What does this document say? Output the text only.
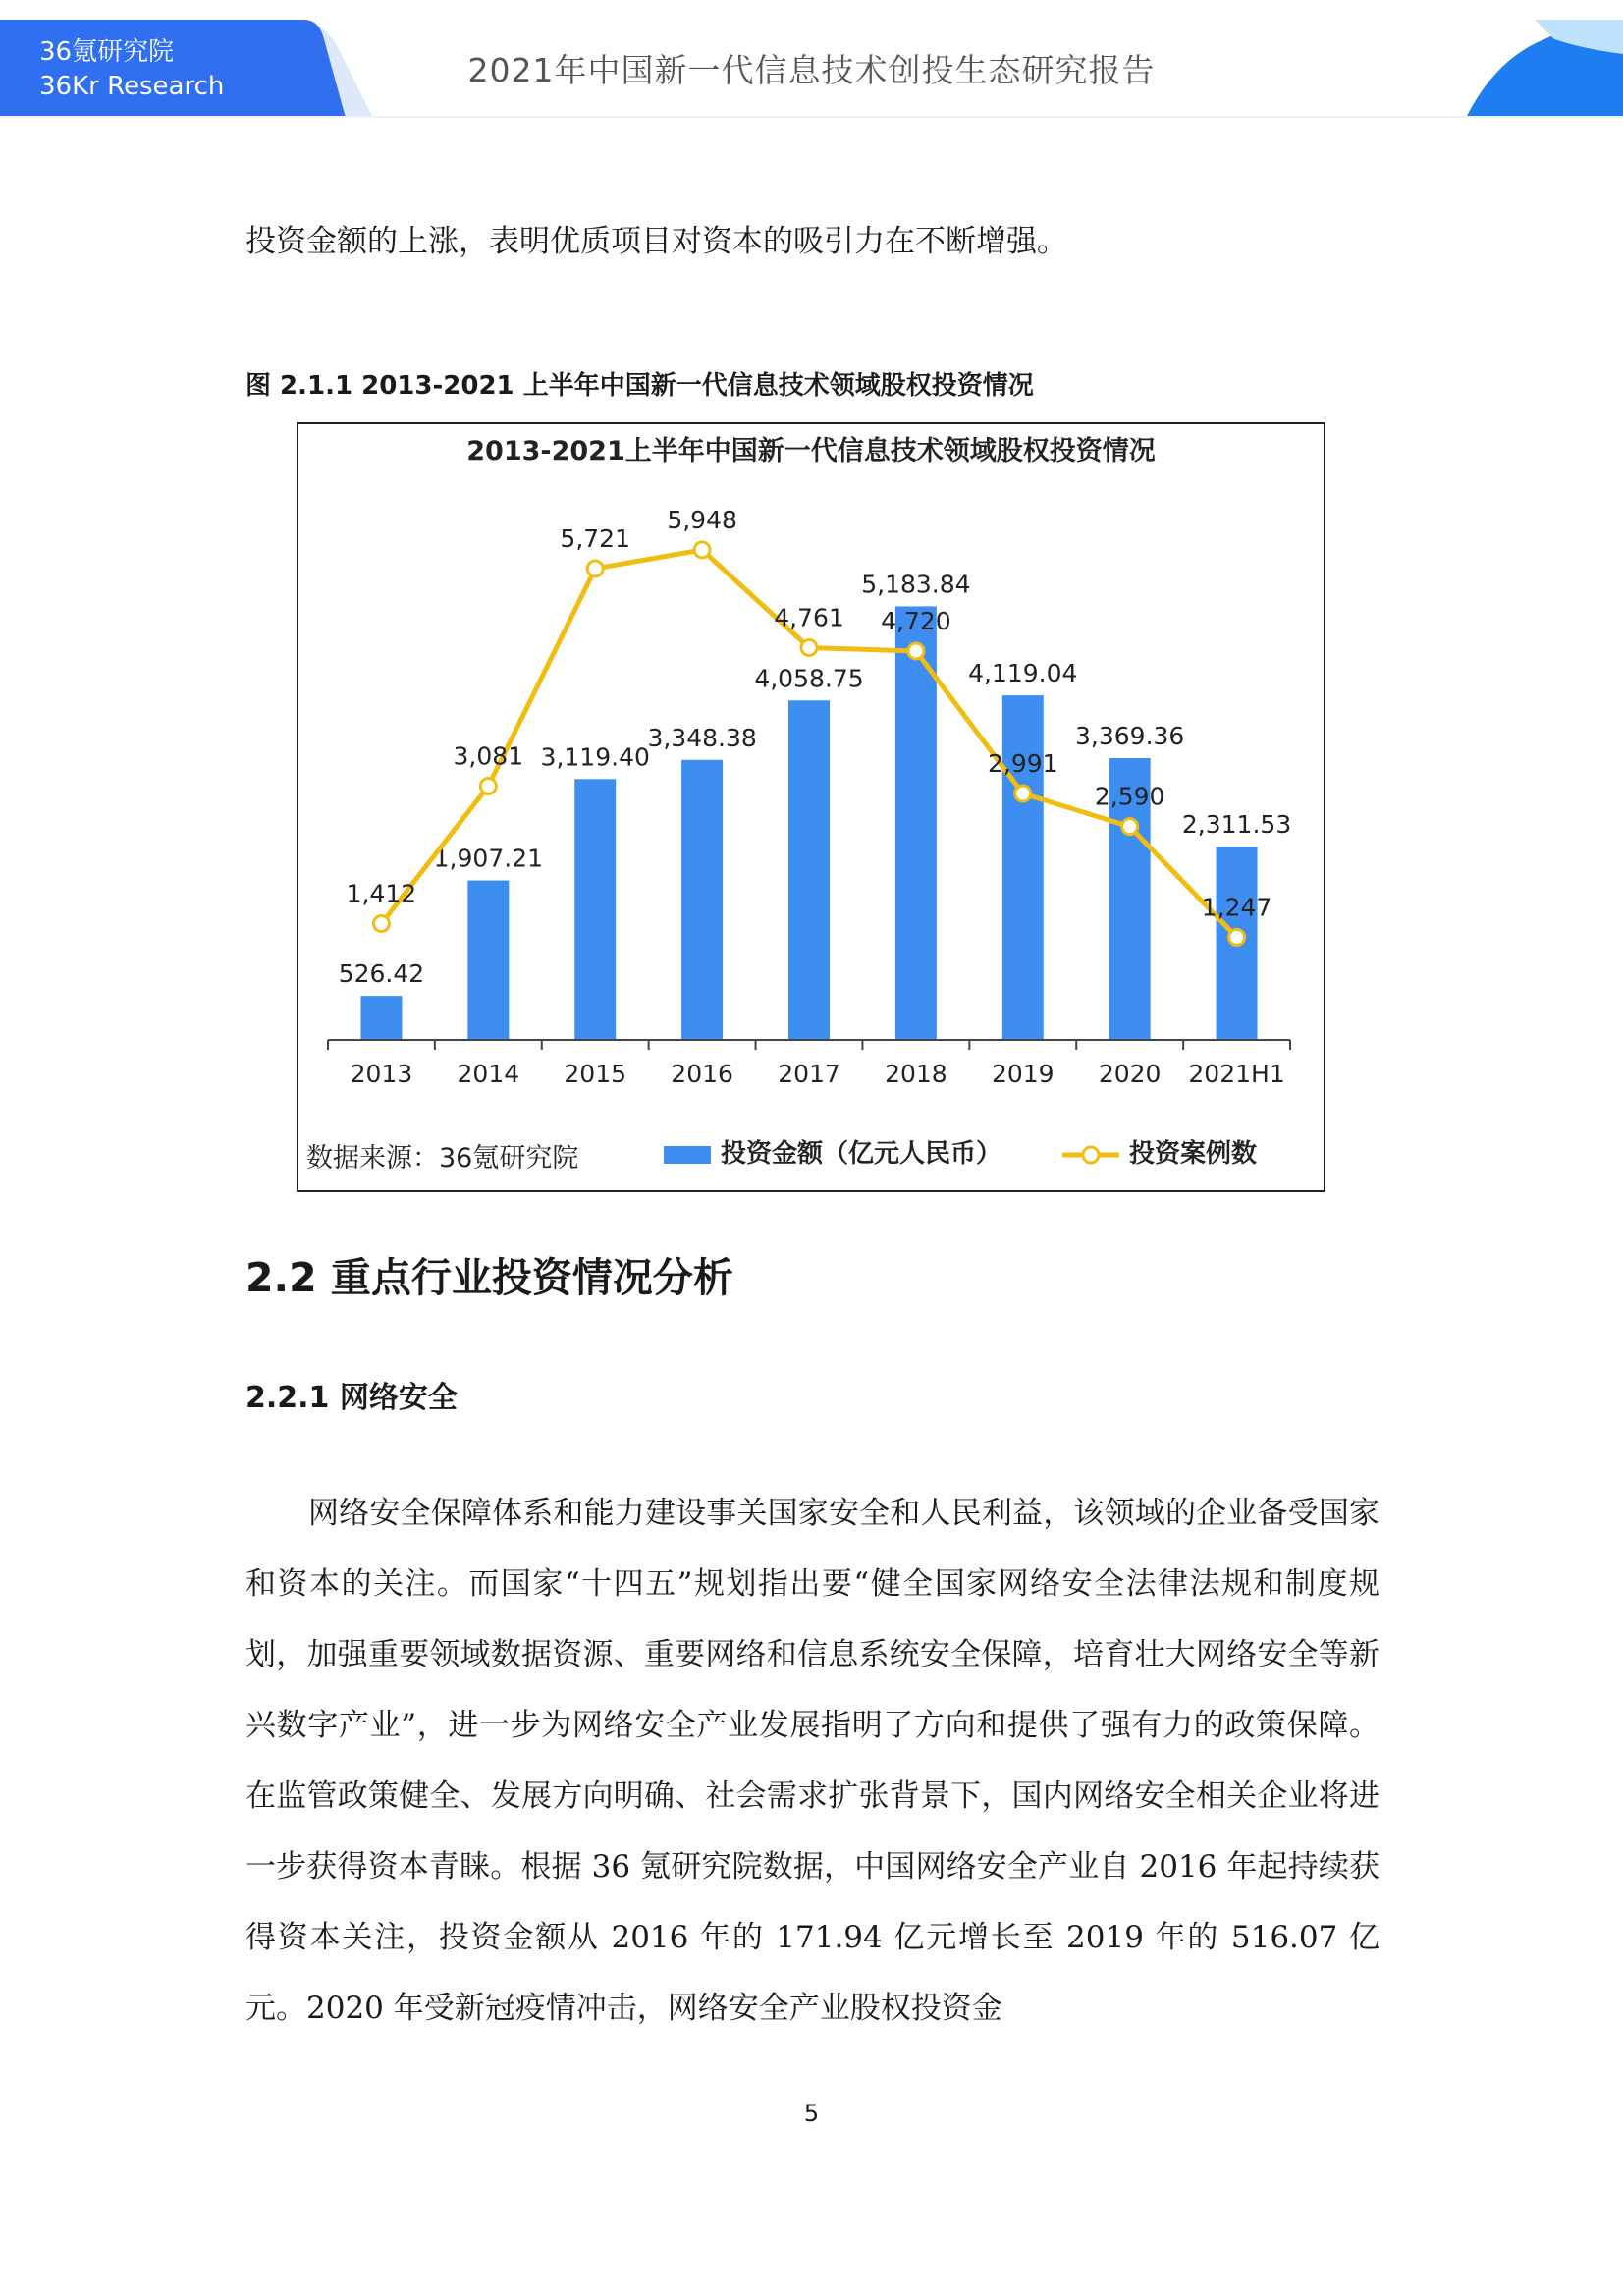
36氪研究院
36Kr Research	2021年中国新一代信息技术创投生态研究报告

投资金额的上涨，表明优质项目对资本的吸引力在不断增强。

图 2.1.1 2013-2021 上半年中国新一代信息技术领域股权投资情况
2013-2021上半年中国新一代信息技术领域股权投资情况
526.42
1,907.21
3,119.40
3,348.38
4,058.75
5,183.84
4,119.04
3,369.36
2,311.53
1,412
3,081
5,721
5,948
4,761 4,720
2,991
2,590
1,247
2013 2014 2015 2016 2017 2018 2019 2020 2021H1
数据来源：36氪研究院	投资金额（亿元人民币）	投资案例数
2.2 重点行业投资情况分析
2.2.1 网络安全

网络安全保障体系和能力建设事关国家安全和人民利益，该领域的企业备受国家和资本的关注。而国家“十四五”规划指出要“健全国家网络安全法律法规和制度规划，加强重要领域数据资源、重要网络和信息系统安全保障，培育壮大网络安全等新兴数字产业”，进一步为网络安全产业发展指明了方向和提供了强有力的政策保障。在监管政策健全、发展方向明确、社会需求扩张背景下，国内网络安全相关企业将进一步获得资本青睐。根据 36 氪研究院数据，中国网络安全产业自 2016 年起持续获得资本关注，投资金额从 2016 年的 171.94 亿元增长至 2019 年的 516.07 亿元。2020 年受新冠疫情冲击，网络安全产业股权投资金

5
